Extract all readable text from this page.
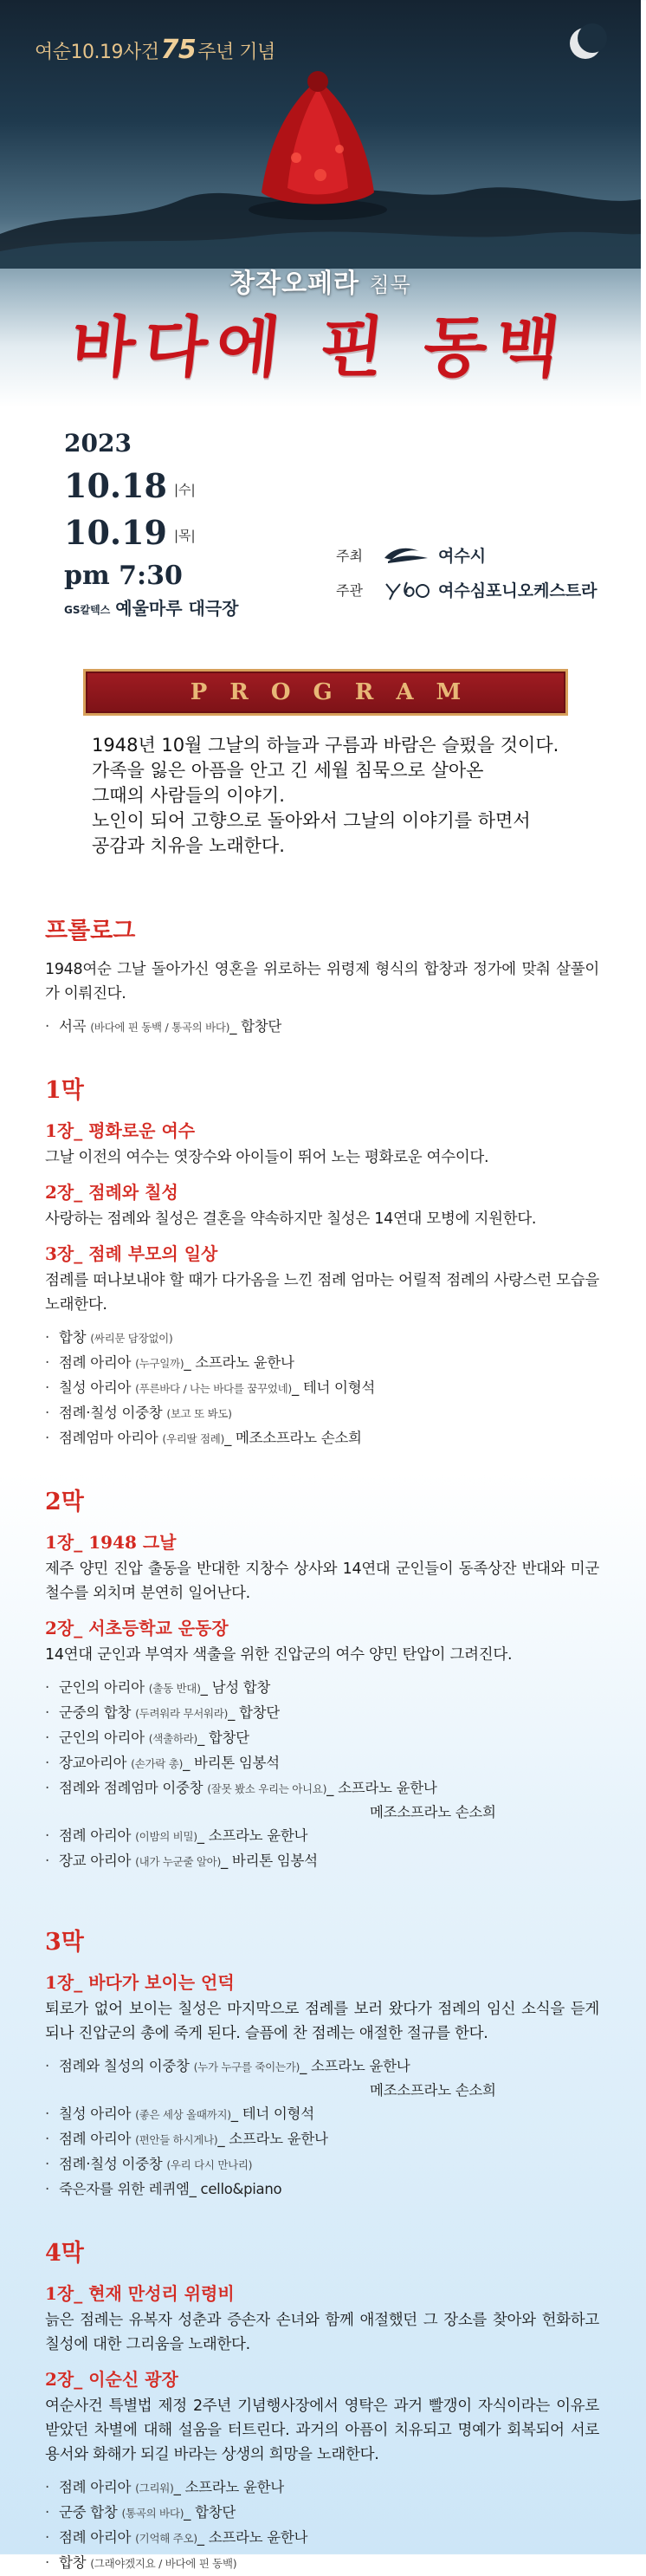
여순10.19사건75주년 기념
창작오페라 침묵
바다에 핀 동백
2023
10.18 |수|
10.19 |목|
pm 7:30
GS칼텍스 예울마루 대극장
주최	여수시
주관	여수심포니오케스트라
PROGRAM

1948년 10월 그날의 하늘과 구름과 바람은 슬펐을 것이다.

가족을 잃은 아픔을 안고 긴 세월 침묵으로 살아온

그때의 사람들의 이야기.

노인이 되어 고향으로 돌아와서 그날의 이야기를 하면서

공감과 치유을 노래한다.

프롤로그

1948여순 그날 돌아가신 영혼을 위로하는 위령제 형식의 합창과 정가에 맞춰 살풀이가 이뤄진다.

· 서곡 (바다에 핀 동백 / 통곡의 바다)_ 합창단
1막
1장_ 평화로운 여수

그날 이전의 여수는 엿장수와 아이들이 뛰어 노는 평화로운 여수이다.

2장_ 점례와 칠성

사랑하는 점례와 칠성은 결혼을 약속하지만 칠성은 14연대 모병에 지원한다.

3장_ 점례 부모의 일상

점례를 떠나보내야 할 때가 다가옴을 느낀 점례 엄마는 어릴적 점례의 사랑스런 모습을 노래한다.

· 합창 (싸리문 담장없이)
· 점례 아리아 (누구일까)_ 소프라노 윤한나
· 칠성 아리아 (푸른바다 / 나는 바다를 꿈꾸었네)_ 테너 이형석
· 점례·칠성 이중창 (보고 또 봐도)
· 점례엄마 아리아 (우리딸 점례)_ 메조소프라노 손소희
2막
1장_ 1948 그날

제주 양민 진압 출동을 반대한 지창수 상사와 14연대 군인들이 동족상잔 반대와 미군철수를 외치며 분연히 일어난다.

2장_ 서초등학교 운동장

14연대 군인과 부역자 색출을 위한 진압군의 여수 양민 탄압이 그려진다.

· 군인의 아리아 (출동 반대)_ 남성 합창
· 군중의 합창 (두려워라 무서워라)_ 합창단
· 군인의 아리아 (색출하라)_ 합창단
· 장교아리아 (손가락 총)_ 바리톤 임봉석
· 점례와 점례엄마 이중창 (잘못 봤소 우리는 아니요)_ 소프라노 윤한나
메조소프라노 손소희
· 점례 아리아 (이밤의 비밀)_ 소프라노 윤한나
· 장교 아리아 (내가 누군줄 알아)_ 바리톤 임봉석
3막
1장_ 바다가 보이는 언덕

퇴로가 없어 보이는 칠성은 마지막으로 점례를 보러 왔다가 점례의 임신 소식을 듣게 되나 진압군의 총에 죽게 된다. 슬픔에 찬 점례는 애절한 절규를 한다.

· 점례와 칠성의 이중창 (누가 누구를 죽이는가)_ 소프라노 윤한나
메조소프라노 손소희
· 칠성 아리아 (좋은 세상 올때까지)_ 테너 이형석
· 점례 아리아 (편안들 하시게나)_ 소프라노 윤한나
· 점례·칠성 이중창 (우리 다시 만나리)
· 죽은자를 위한 레퀴엠_ cello&piano
4막
1장_ 현재 만성리 위령비

늙은 점례는 유복자 성춘과 증손자 손녀와 함께 애절했던 그 장소를 찾아와 헌화하고 칠성에 대한 그리움을 노래한다.

2장_ 이순신 광장

여순사건 특별법 제정 2주년 기념행사장에서 영탁은 과거 빨갱이 자식이라는 이유로 받았던 차별에 대해 설움을 터트린다. 과거의 아픔이 치유되고 명예가 회복되어 서로 용서와 화해가 되길 바라는 상생의 희망을 노래한다.

· 점례 아리아 (그리워)_ 소프라노 윤한나
· 군중 합창 (통곡의 바다)_ 합창단
· 점례 아리아 (기억해 주오)_ 소프라노 윤한나
· 합창 (그래야겠지요 / 바다에 핀 동백)
